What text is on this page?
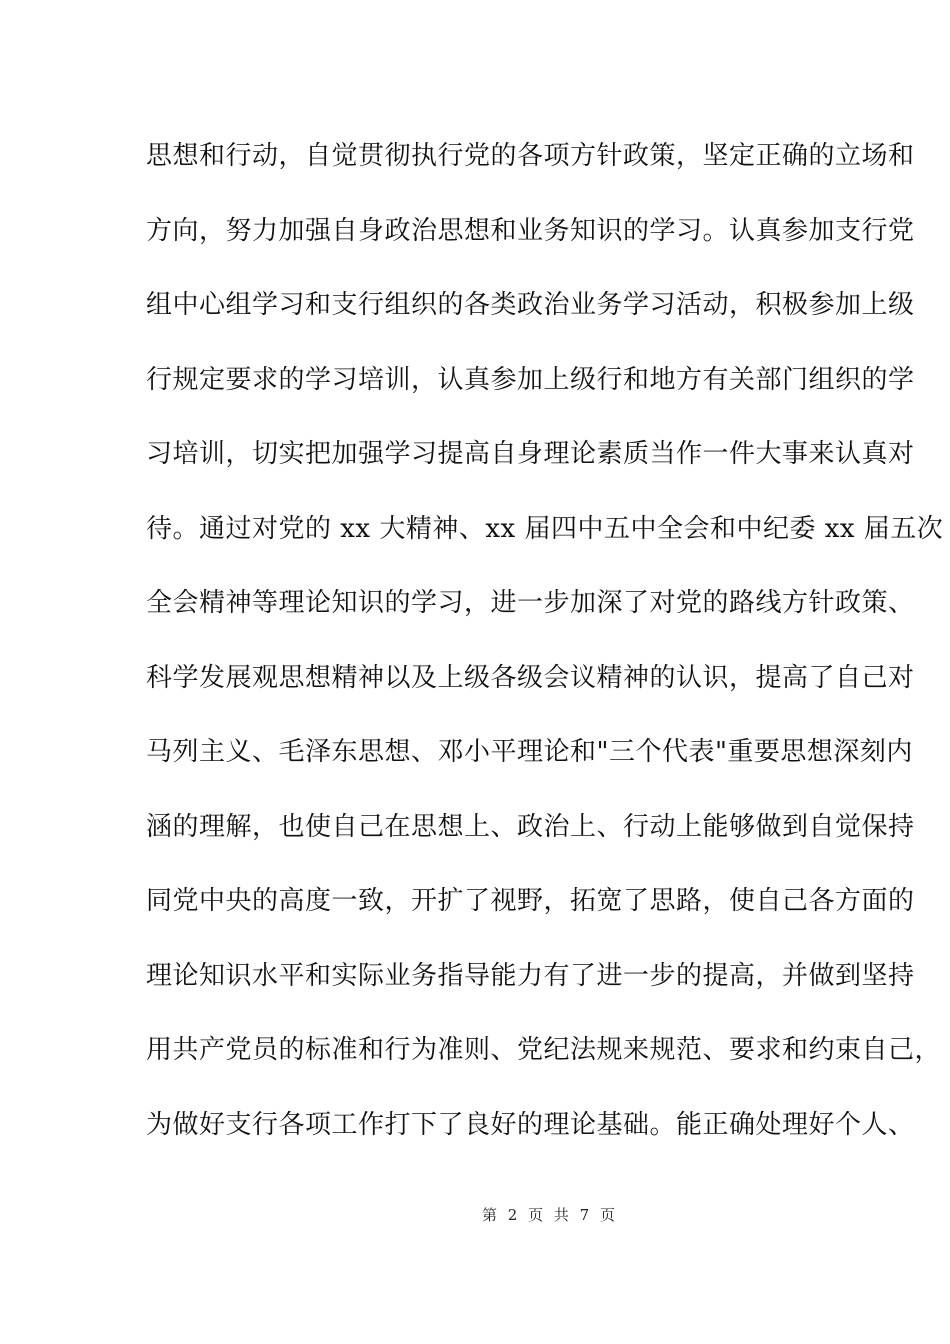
思想和行动，自觉贯彻执行党的各项方针政策，坚定正确的立场和
方向，努力加强自身政治思想和业务知识的学习。认真参加支行党
组中心组学习和支行组织的各类政治业务学习活动，积极参加上级
行规定要求的学习培训，认真参加上级行和地方有关部门组织的学
习培训，切实把加强学习提高自身理论素质当作一件大事来认真对
待。通过对党的 xx 大精神、xx 届四中五中全会和中纪委 xx 届五次
全会精神等理论知识的学习，进一步加深了对党的路线方针政策、
科学发展观思想精神以及上级各级会议精神的认识，提高了自己对
马列主义、毛泽东思想、邓小平理论和"三个代表"重要思想深刻内
涵的理解，也使自己在思想上、政治上、行动上能够做到自觉保持
同党中央的高度一致，开扩了视野，拓宽了思路，使自己各方面的
理论知识水平和实际业务指导能力有了进一步的提高，并做到坚持
用共产党员的标准和行为准则、党纪法规来规范、要求和约束自己，
为做好支行各项工作打下了良好的理论基础。能正确处理好个人、
第 2 页 共 7 页
